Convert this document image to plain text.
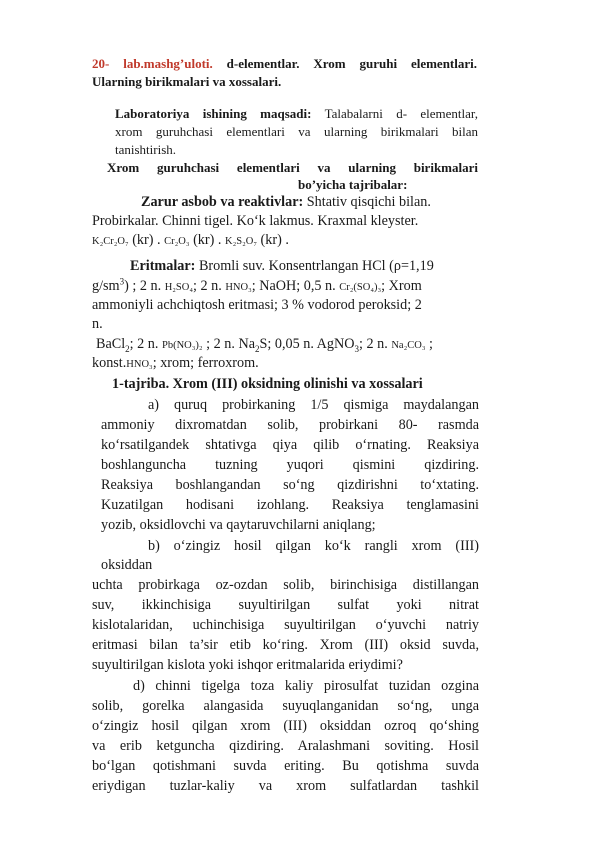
20- lab.mashg’uloti. d-elementlar. Xrom guruhi elementlari.
Ularning birikmalari va xossalari.
Laboratoriya ishining maqsadi: Talabalarni d- elementlar,
xrom guruhchasi elementlari va ularning birikmalari bilan
tanishtirish.
Xrom guruhchasi elementlari va ularning birikmalari
bo’yicha tajribalar:
Zarur asbob va reaktivlar: Shtativ qisqichi bilan.
Probirkalar. Chinni tigel. Ko‘k lakmus. Kraxmal kleyster.
K₂Cr₂O₇ (kr) . Cr₂O₃ (kr) . K₂S₂O₇ (kr) .
Eritmalar: Bromli suv. Konsentrlangan HCl (ρ=1,19
$g/sm^3$) ; 2 n. H₂SO₄; 2 n. HNO₃; NaOH; 0,5 n. Cr₂(SO₄)₃; Xrom
ammoniyli achchiqtosh eritmasi; 3 % vodorod peroksid; 2
n.
BaCl$_2$; 2 n. Pb(NO₃)₂ ; 2 n. $Na_2S$; 0,05 n. AgNO$_3$; 2 n. Na₂CO₃ ;
konst.HNO₃; xrom; ferroxrom.
1-tajriba. Xrom (III) oksidning olinishi va xossalari
a) quruq probirkaning 1/5 qismiga maydalangan
ammoniy dixromatdan solib, probirkani 80- rasmda
ko‘rsatilgandek shtativga qiya qilib o‘rnating. Reaksiya
boshlanguncha tuzning yuqori qismini qizdiring.
Reaksiya boshlangandan so‘ng qizdirishni to‘xtating.
Kuzatilgan hodisani izohlang. Reaksiya tenglamasini
yozib, oksidlovchi va qaytaruvchilarni aniqlang;
b) o‘zingiz hosil qilgan ko‘k rangli xrom (III)
oksiddan
uchta probirkaga oz-ozdan solib, birinchisiga distillangan
suv, ikkinchisiga suyultirilgan sulfat yoki nitrat
kislotalaridan, uchinchisiga suyultirilgan o‘yuvchi natriy
eritmasi bilan ta’sir etib ko‘ring. Xrom (III) oksid suvda,
suyultirilgan kislota yoki ishqor eritmalarida eriydimi?
d) chinni tigelga toza kaliy pirosulfat tuzidan ozgina
solib, gorelka alangasida suyuqlanganidan so‘ng, unga
o‘zingiz hosil qilgan xrom (III) oksiddan ozroq qo‘shing
va erib ketguncha qizdiring. Aralashmani soviting. Hosil
bo‘lgan qotishmani suvda eriting. Bu qotishma suvda
eriydigan tuzlar-kaliy va xrom sulfatlardan tashkil
